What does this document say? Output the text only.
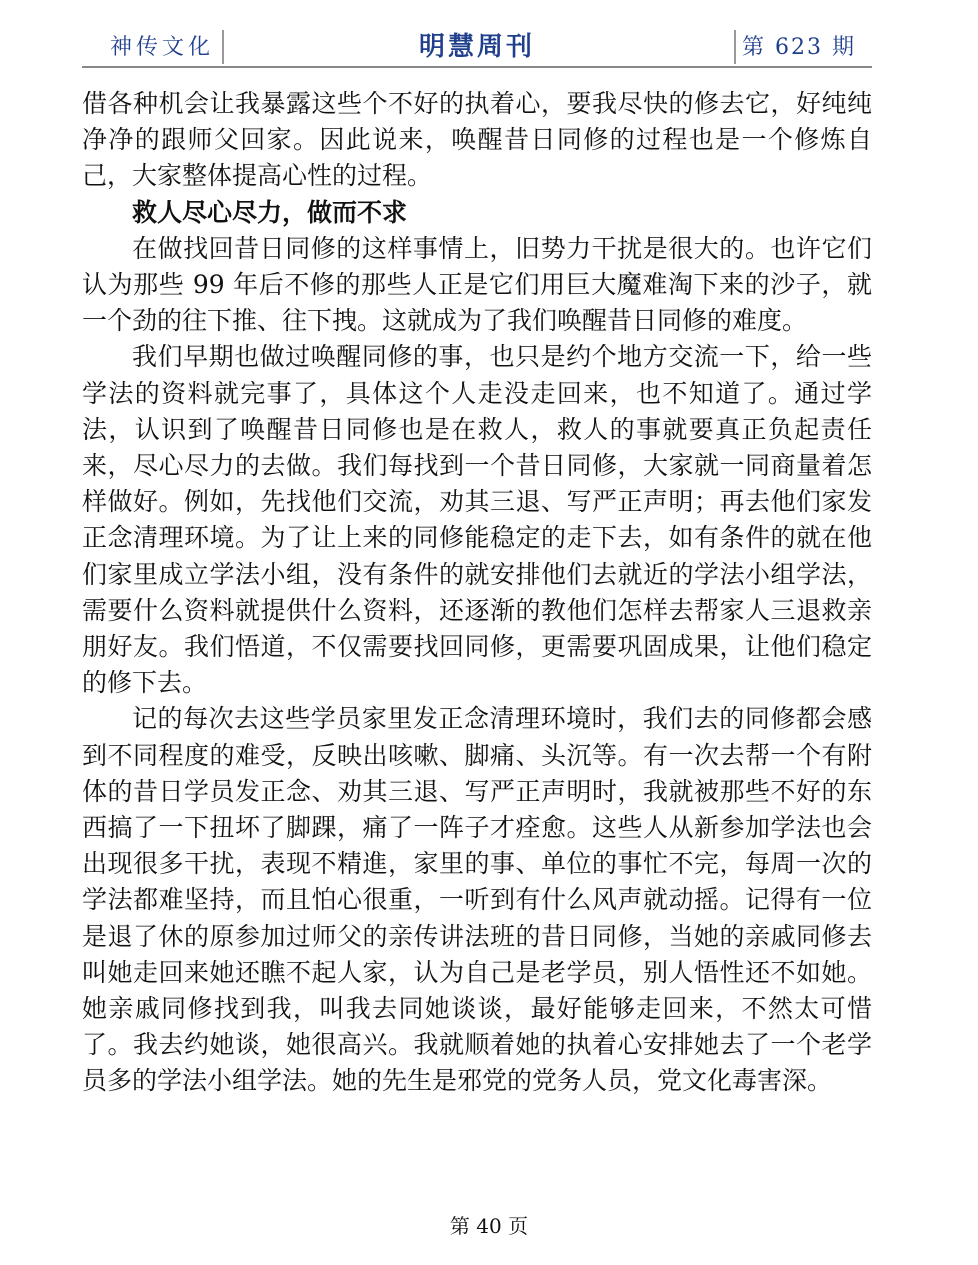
神传文化	明慧周刊	第 623 期

借各种机会让我暴露这些个不好的执着心，要我尽快的修去它，好纯纯净净的跟师父回家。因此说来，唤醒昔日同修的过程也是一个修炼自己，大家整体提高心性的过程。

救人尽心尽力，做而不求

在做找回昔日同修的这样事情上，旧势力干扰是很大的。也许它们认为那些 99 年后不修的那些人正是它们用巨大魔难淘下来的沙子，就一个劲的往下推、往下拽。这就成为了我们唤醒昔日同修的难度。

我们早期也做过唤醒同修的事，也只是约个地方交流一下，给一些学法的资料就完事了，具体这个人走没走回来，也不知道了。通过学法，认识到了唤醒昔日同修也是在救人，救人的事就要真正负起责任来，尽心尽力的去做。我们每找到一个昔日同修，大家就一同商量着怎样做好。例如，先找他们交流，劝其三退、写严正声明；再去他们家发正念清理环境。为了让上来的同修能稳定的走下去，如有条件的就在他们家里成立学法小组，没有条件的就安排他们去就近的学法小组学法，需要什么资料就提供什么资料，还逐渐的教他们怎样去帮家人三退救亲朋好友。我们悟道，不仅需要找回同修，更需要巩固成果，让他们稳定的修下去。

记的每次去这些学员家里发正念清理环境时，我们去的同修都会感到不同程度的难受，反映出咳嗽、脚痛、头沉等。有一次去帮一个有附体的昔日学员发正念、劝其三退、写严正声明时，我就被那些不好的东西搞了一下扭坏了脚踝，痛了一阵子才痊愈。这些人从新参加学法也会出现很多干扰，表现不精進，家里的事、单位的事忙不完，每周一次的学法都难坚持，而且怕心很重，一听到有什么风声就动摇。记得有一位是退了休的原参加过师父的亲传讲法班的昔日同修，当她的亲戚同修去叫她走回来她还瞧不起人家，认为自己是老学员，别人悟性还不如她。她亲戚同修找到我，叫我去同她谈谈，最好能够走回来，不然太可惜了。我去约她谈，她很高兴。我就顺着她的执着心安排她去了一个老学员多的学法小组学法。她的先生是邪党的党务人员，党文化毒害深。

第 40 页
